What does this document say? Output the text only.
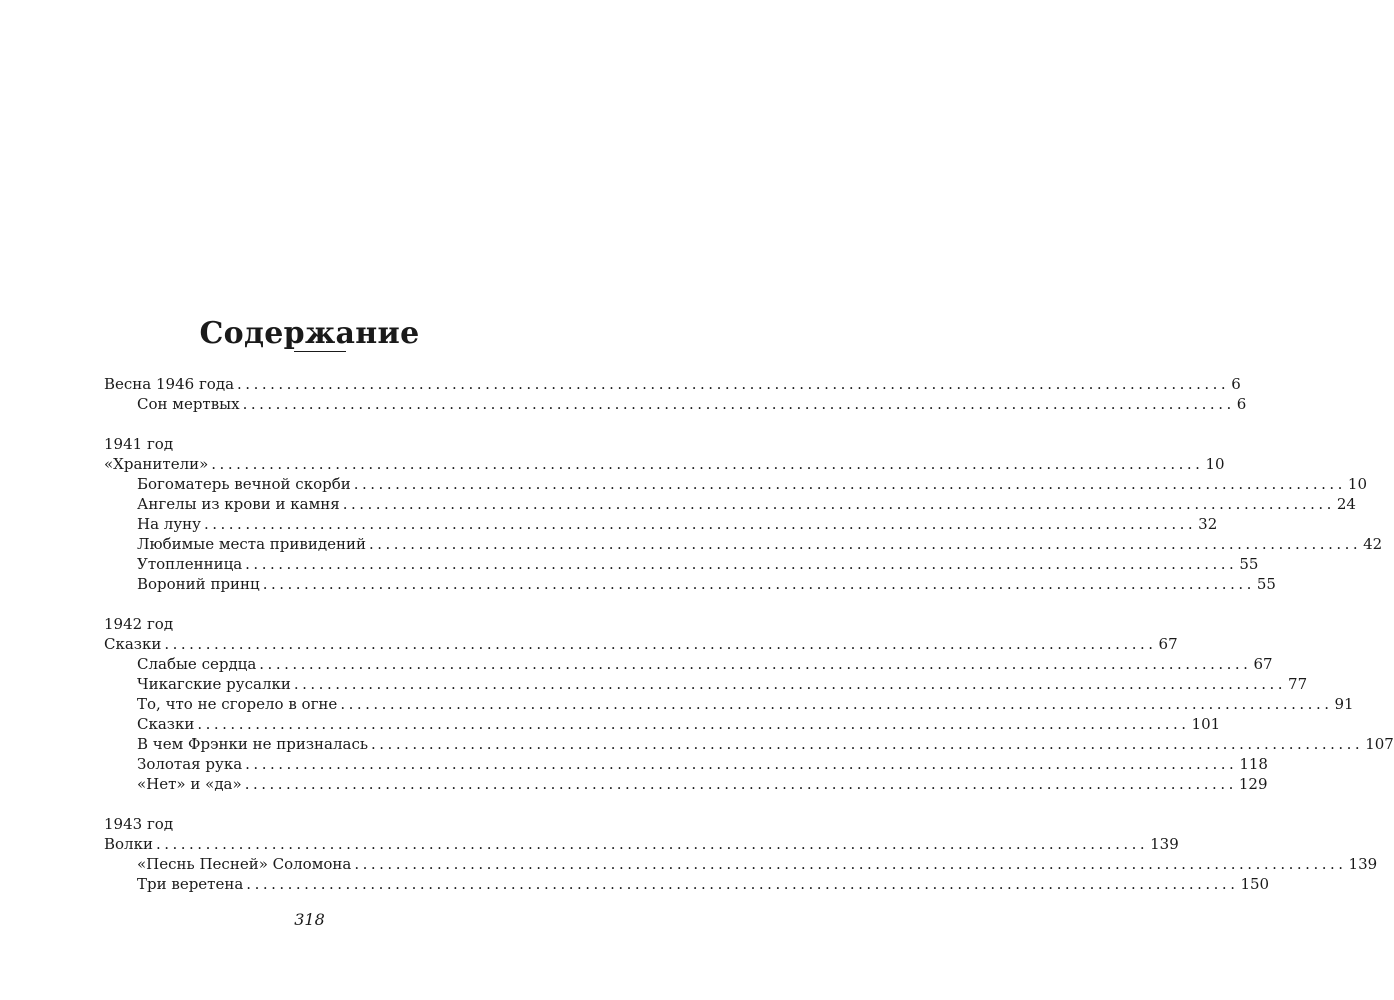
Содержание
Весна 1946 года ........................................................................................................................ 6
Сон мертвых ........................................................................................................................ 6
1941 год
«Хранители» ........................................................................................................................ 10
Богоматерь вечной скорби ........................................................................................................................ 10
Ангелы из крови и камня ........................................................................................................................ 24
На луну ........................................................................................................................ 32
Любимые места привидений ........................................................................................................................ 42
Утопленница ........................................................................................................................ 55
Вороний принц ........................................................................................................................ 55
1942 год
Сказки ........................................................................................................................ 67
Слабые сердца ........................................................................................................................ 67
Чикагские русалки ........................................................................................................................ 77
То, что не сгорело в огне ........................................................................................................................ 91
Сказки ........................................................................................................................ 101
В чем Фрэнки не призналась ........................................................................................................................ 107
Золотая рука ........................................................................................................................ 118
«Нет» и «да» ........................................................................................................................ 129
1943 год
Волки ........................................................................................................................ 139
«Песнь Песней» Соломона ........................................................................................................................ 139
Три веретена ........................................................................................................................ 150
318
